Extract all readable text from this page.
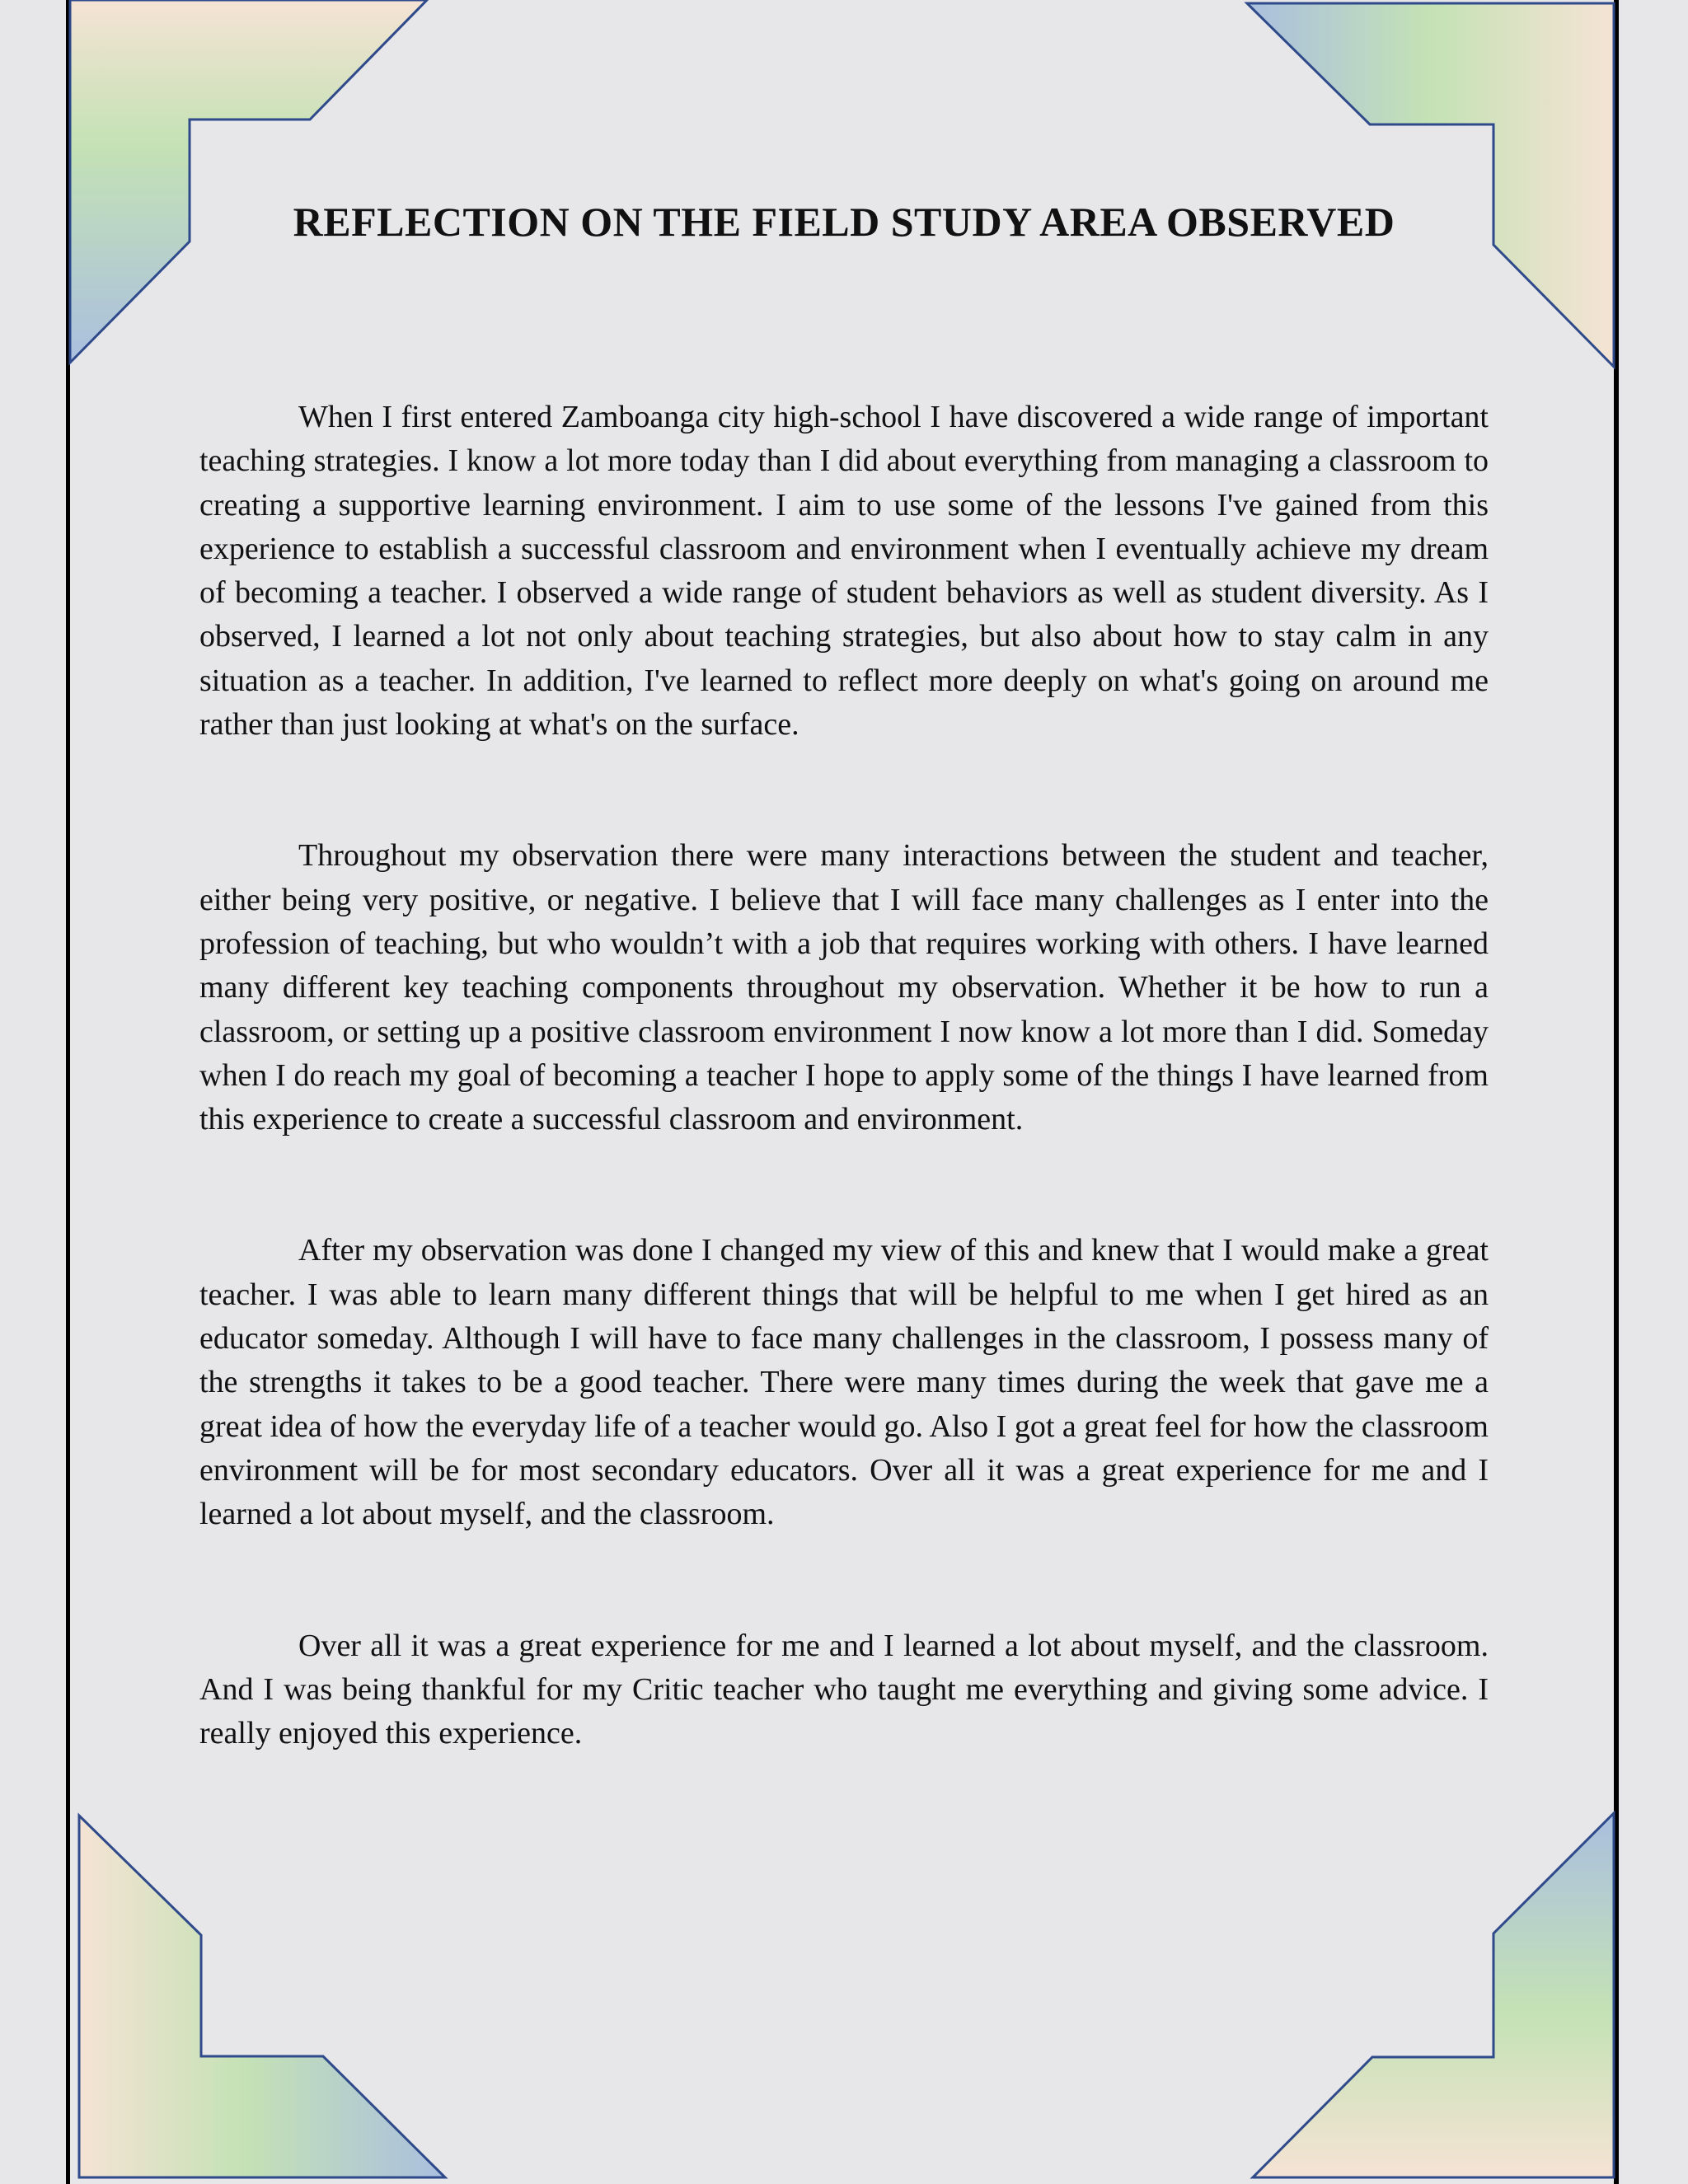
REFLECTION ON THE FIELD STUDY AREA OBSERVED

When I first entered Zamboanga city high-school I have discovered a wide range of important teaching strategies. I know a lot more today than I did about everything from managing a classroom to creating a supportive learning environment. I aim to use some of the lessons I've gained from this experience to establish a successful classroom and environment when I eventually achieve my dream of becoming a teacher. I observed a wide range of student behaviors as well as student diversity. As I observed, I learned a lot not only about teaching strategies, but also about how to stay calm in any situation as a teacher. In addition, I've learned to reflect more deeply on what's going on around me rather than just looking at what's on the surface.

Throughout my observation there were many interactions between the student and teacher, either being very positive, or negative. I believe that I will face many challenges as I enter into the profession of teaching, but who wouldn’t with a job that requires working with others. I have learned many different key teaching components throughout my observation. Whether it be how to run a classroom, or setting up a positive classroom environment I now know a lot more than I did. Someday when I do reach my goal of becoming a teacher I hope to apply some of the things I have learned from this experience to create a successful classroom and environment.

After my observation was done I changed my view of this and knew that I would make a great teacher. I was able to learn many different things that will be helpful to me when I get hired as an educator someday. Although I will have to face many challenges in the classroom, I possess many of the strengths it takes to be a good teacher. There were many times during the week that gave me a great idea of how the everyday life of a teacher would go. Also I got a great feel for how the classroom environment will be for most secondary educators. Over all it was a great experience for me and I learned a lot about myself, and the classroom.

Over all it was a great experience for me and I learned a lot about myself, and the classroom. And I was being thankful for my Critic teacher who taught me everything and giving some advice. I really enjoyed this experience.
